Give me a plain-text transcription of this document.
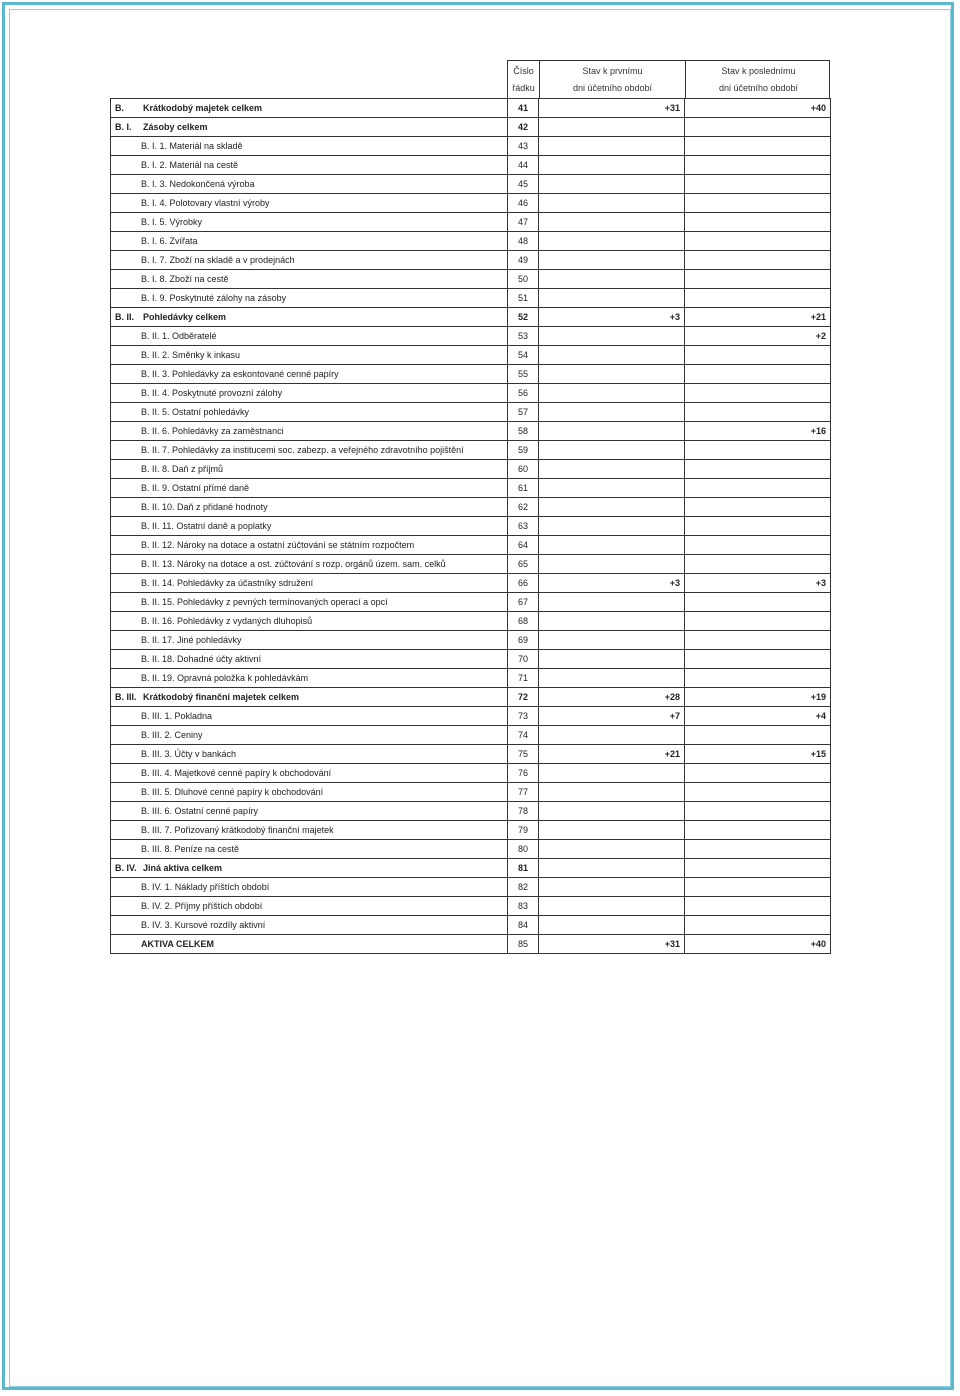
Číslo
řádku
Stav k prvnímu
dni účetního období
Stav k poslednímu
dni účetního období
B. Krátkodobý majetek celkem	41	+31	+40
B. I. Zásoby celkem	42		
B. I. 1. Materiál na skladě	43		
B. I. 2. Materiál na cestě	44		
B. I. 3. Nedokončená výroba	45		
B. I. 4. Polotovary vlastní výroby	46		
B. I. 5. Výrobky	47		
B. I. 6. Zvířata	48		
B. I. 7. Zboží na skladě a v prodejnách	49		
B. I. 8. Zboží na cestě	50		
B. I. 9. Poskytnuté zálohy na zásoby	51		
B. II. Pohledávky celkem	52	+3	+21
B. II. 1. Odběratelé	53		+2
B. II. 2. Směnky k inkasu	54		
B. II. 3. Pohledávky za eskontované cenné papíry	55		
B. II. 4. Poskytnuté provozní zálohy	56		
B. II. 5. Ostatní pohledávky	57		
B. II. 6. Pohledávky za zaměstnanci	58		+16
B. II. 7. Pohledávky za institucemi soc. zabezp. a veřejného zdravotního pojištění	59		
B. II. 8. Daň z příjmů	60		
B. II. 9. Ostatní přímé daně	61		
B. II. 10. Daň z přidané hodnoty	62		
B. II. 11. Ostatní daně a poplatky	63		
B. II. 12. Nároky na dotace a ostatní zúčtování se státním rozpočtem	64		
B. II. 13. Nároky na dotace a ost. zúčtování s rozp. orgánů územ. sam. celků	65		
B. II. 14. Pohledávky za účastníky sdružení	66	+3	+3
B. II. 15. Pohledávky z pevných termínovaných operací a opcí	67		
B. II. 16. Pohledávky z vydaných dluhopisů	68		
B. II. 17. Jiné pohledávky	69		
B. II. 18. Dohadné účty aktivní	70		
B. II. 19. Opravná položka k pohledávkám	71		
B. III. Krátkodobý finanční majetek celkem	72	+28	+19
B. III. 1. Pokladna	73	+7	+4
B. III. 2. Ceniny	74		
B. III. 3. Účty v bankách	75	+21	+15
B. III. 4. Majetkové cenné papíry k obchodování	76		
B. III. 5. Dluhové cenné papíry k obchodování	77		
B. III. 6. Ostatní cenné papíry	78		
B. III. 7. Pořizovaný krátkodobý finanční majetek	79		
B. III. 8. Peníze na cestě	80		
B. IV. Jiná aktiva celkem	81		
B. IV. 1. Náklady příštích období	82		
B. IV. 2. Příjmy příštích období	83		
B. IV. 3. Kursové rozdíly aktivní	84		
AKTIVA CELKEM	85	+31	+40
